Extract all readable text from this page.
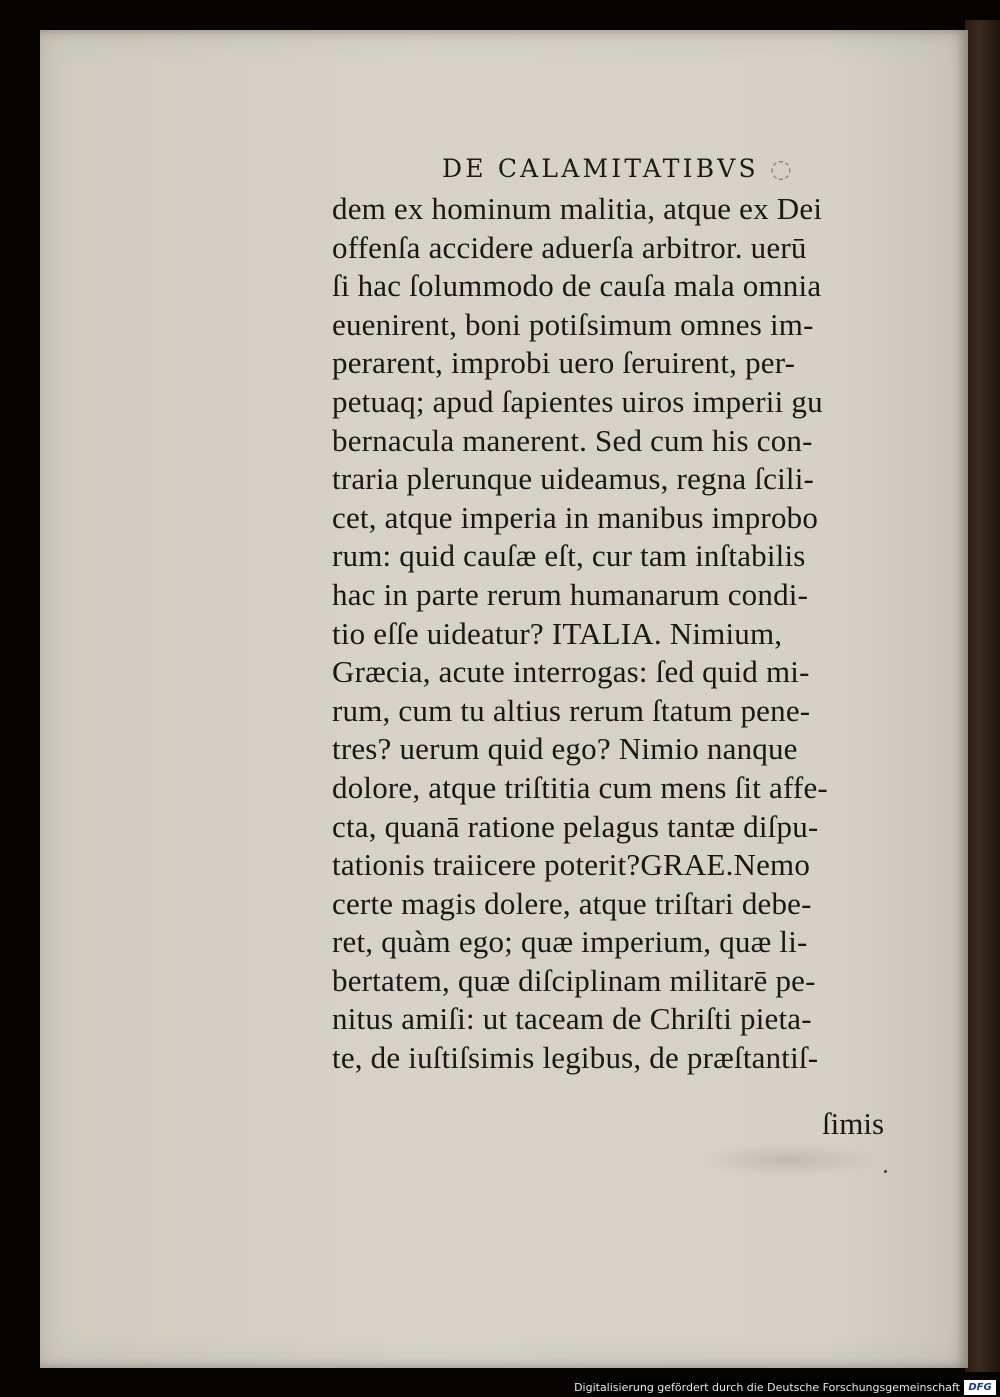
DE CALAMITATIBVS ◌
dem ex hominum malitia, atque ex Dei
offenſa accidere aduerſa arbitror. uerū
ſi hac ſolummodo de cauſa mala omnia
euenirent, boni potiſsimum omnes im-
perarent, improbi uero ſeruirent, per-
petuaq; apud ſapientes uiros imperii gu
bernacula manerent. Sed cum his con-
traria plerunque uideamus, regna ſcili-
cet, atque imperia in manibus improbo
rum: quid cauſæ eſt, cur tam inſtabilis
hac in parte rerum humanarum condi-
tio eſſe uideatur? ITALIA. Nimium,
Græcia, acute interrogas: ſed quid mi-
rum, cum tu altius rerum ſtatum pene-
tres? uerum quid ego? Nimio nanque
dolore, atque triſtitia cum mens ſit affe-
cta, quanā ratione pelagus tantæ diſpu-
tationis traiicere poterit?GRAE.Nemo
certe magis dolere, atque triſtari debe-
ret, quàm ego; quæ imperium, quæ li-
bertatem, quæ diſciplinam militarē pe-
nitus amiſi: ut taceam de Chriſti pieta-
te, de iuſtiſsimis legibus, de præſtantiſ-
ſimis
Digitalisierung gefördert durch die Deutsche Forschungsgemeinschaft DFG
